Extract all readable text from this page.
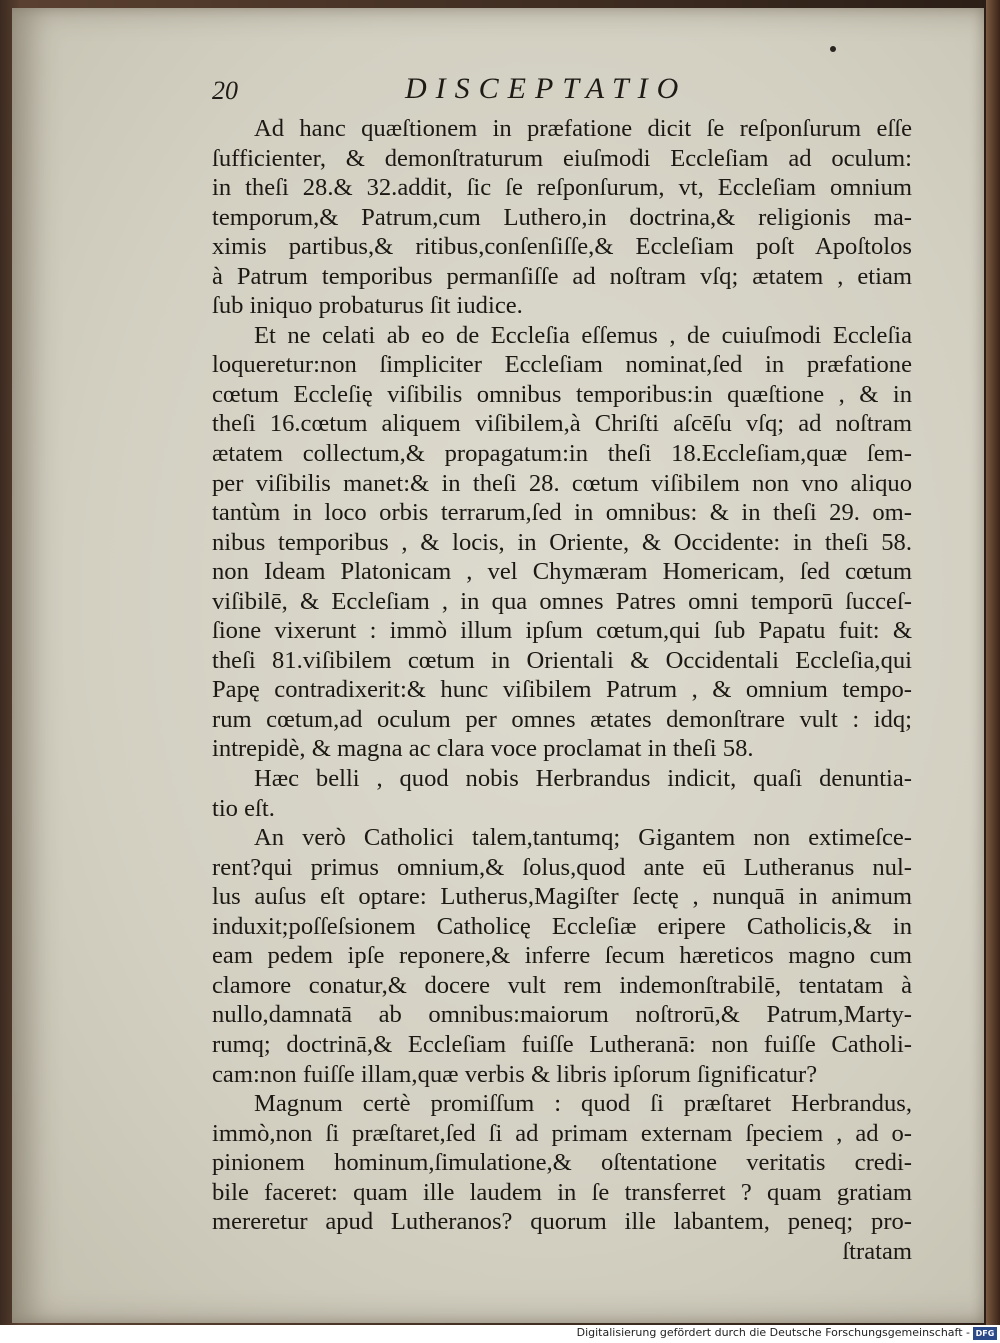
20	DISCEPTATIO
Ad hanc quæſtionem in præfatione dicit ſe reſponſurum eſſe
ſufficienter, & demonſtraturum eiuſmodi Eccleſiam ad oculum:
in theſi 28.& 32.addit, ſic ſe reſponſurum, vt, Eccleſiam omnium
temporum,& Patrum,cum Luthero,in doctrina,& religionis ma-
ximis partibus,& ritibus,conſenſiſſe,& Eccleſiam poſt Apoſtolos
à Patrum temporibus permanſiſſe ad noſtram vſq; ætatem , etiam
ſub iniquo probaturus ſit iudice.
Et ne celati ab eo de Eccleſia eſſemus , de cuiuſmodi Eccleſia
loqueretur:non ſimpliciter Eccleſiam nominat,ſed in præfatione
cœtum Eccleſię viſibilis omnibus temporibus:in quæſtione , & in
theſi 16.cœtum aliquem viſibilem,à Chriſti aſcēſu vſq; ad noſtram
ætatem collectum,& propagatum:in theſi 18.Eccleſiam,quæ ſem-
per viſibilis manet:& in theſi 28. cœtum viſibilem non vno aliquo
tantùm in loco orbis terrarum,ſed in omnibus: & in theſi 29. om-
nibus temporibus , & locis, in Oriente, & Occidente: in theſi 58.
non Ideam Platonicam , vel Chymæram Homericam, ſed cœtum
viſibilē, & Eccleſiam , in qua omnes Patres omni temporū ſucceſ-
ſione vixerunt : immò illum ipſum cœtum,qui ſub Papatu fuit: &
theſi 81.viſibilem cœtum in Orientali & Occidentali Eccleſia,qui
Papę contradixerit:& hunc viſibilem Patrum , & omnium tempo-
rum cœtum,ad oculum per omnes ætates demonſtrare vult : idq;
intrepidè, & magna ac clara voce proclamat in theſi 58.
Hæc belli , quod nobis Herbrandus indicit, quaſi denuntia-
tio eſt.
An verò Catholici talem,tantumq; Gigantem non extimeſce-
rent?qui primus omnium,& ſolus,quod ante eū Lutheranus nul-
lus auſus eſt optare: Lutherus,Magiſter ſectę , nunquā in animum
induxit;poſſeſsionem Catholicę Eccleſiæ eripere Catholicis,& in
eam pedem ipſe reponere,& inferre ſecum hæreticos magno cum
clamore conatur,& docere vult rem indemonſtrabilē, tentatam à
nullo,damnatā ab omnibus:maiorum noſtrorū,& Patrum,Marty-
rumq; doctrinā,& Eccleſiam fuiſſe Lutheranā: non fuiſſe Catholi-
cam:non fuiſſe illam,quæ verbis & libris ipſorum ſignificatur?
Magnum certè promiſſum : quod ſi præſtaret Herbrandus,
immò,non ſi præſtaret,ſed ſi ad primam externam ſpeciem , ad o-
pinionem hominum,ſimulatione,& oſtentatione veritatis credi-
bile faceret: quam ille laudem in ſe transferret ? quam gratiam
mereretur apud Lutheranos? quorum ille labantem, peneq; pro-
ſtratam
Digitalisierung gefördert durch die Deutsche Forschungsgemeinschaft - DFG
